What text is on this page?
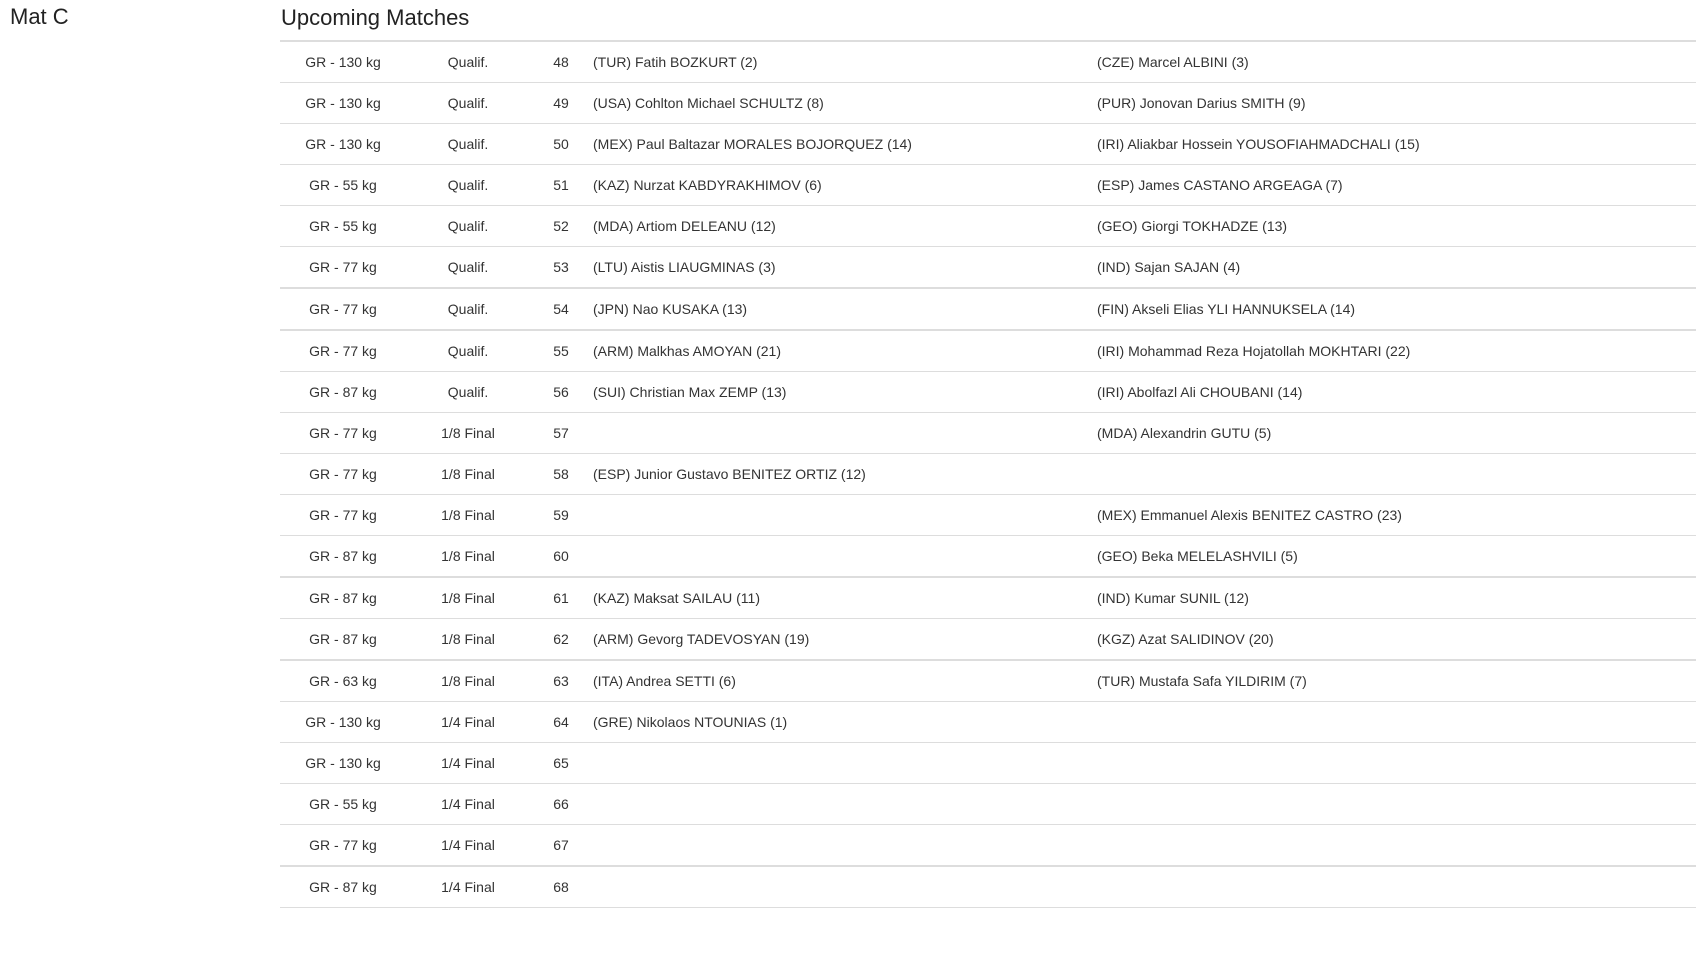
Mat C	Upcoming Matches
GR - 130 kg	Qualif.	48	(TUR) Fatih BOZKURT (2)	(CZE) Marcel ALBINI (3)
GR - 130 kg	Qualif.	49	(USA) Cohlton Michael SCHULTZ (8)	(PUR) Jonovan Darius SMITH (9)
GR - 130 kg	Qualif.	50	(MEX) Paul Baltazar MORALES BOJORQUEZ (14)	(IRI) Aliakbar Hossein YOUSOFIAHMADCHALI (15)
GR - 55 kg	Qualif.	51	(KAZ) Nurzat KABDYRAKHIMOV (6)	(ESP) James CASTANO ARGEAGA (7)
GR - 55 kg	Qualif.	52	(MDA) Artiom DELEANU (12)	(GEO) Giorgi TOKHADZE (13)
GR - 77 kg	Qualif.	53	(LTU) Aistis LIAUGMINAS (3)	(IND) Sajan SAJAN (4)
GR - 77 kg	Qualif.	54	(JPN) Nao KUSAKA (13)	(FIN) Akseli Elias YLI HANNUKSELA (14)
GR - 77 kg	Qualif.	55	(ARM) Malkhas AMOYAN (21)	(IRI) Mohammad Reza Hojatollah MOKHTARI (22)
GR - 87 kg	Qualif.	56	(SUI) Christian Max ZEMP (13)	(IRI) Abolfazl Ali CHOUBANI (14)
GR - 77 kg	1/8 Final	57		(MDA) Alexandrin GUTU (5)
GR - 77 kg	1/8 Final	58	(ESP) Junior Gustavo BENITEZ ORTIZ (12)	
GR - 77 kg	1/8 Final	59		(MEX) Emmanuel Alexis BENITEZ CASTRO (23)
GR - 87 kg	1/8 Final	60		(GEO) Beka MELELASHVILI (5)
GR - 87 kg	1/8 Final	61	(KAZ) Maksat SAILAU (11)	(IND) Kumar SUNIL (12)
GR - 87 kg	1/8 Final	62	(ARM) Gevorg TADEVOSYAN (19)	(KGZ) Azat SALIDINOV (20)
GR - 63 kg	1/8 Final	63	(ITA) Andrea SETTI (6)	(TUR) Mustafa Safa YILDIRIM (7)
GR - 130 kg	1/4 Final	64	(GRE) Nikolaos NTOUNIAS (1)	
GR - 130 kg	1/4 Final	65		
GR - 55 kg	1/4 Final	66		
GR - 77 kg	1/4 Final	67		
GR - 87 kg	1/4 Final	68		
